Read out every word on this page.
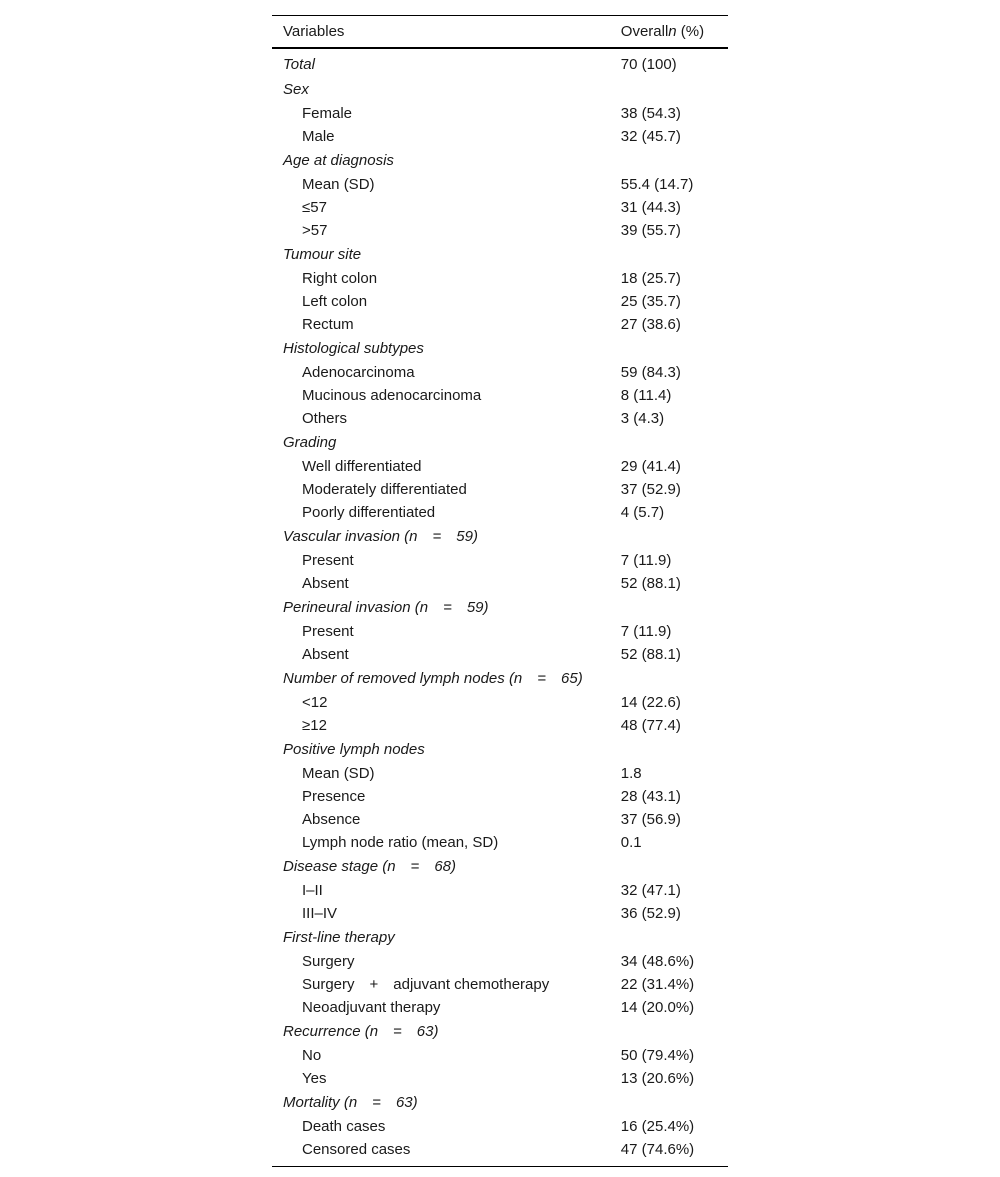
Variables	Overalln (%)
Total	70 (100)
Sex	
Female	38 (54.3)
Male	32 (45.7)
Age at diagnosis	
Mean (SD)	55.4 (14.7)
≤57	31 (44.3)
>57	39 (55.7)
Tumour site	
Right colon	18 (25.7)
Left colon	25 (35.7)
Rectum	27 (38.6)
Histological subtypes	
Adenocarcinoma	59 (84.3)
Mucinous adenocarcinoma	8 (11.4)
Others	3 (4.3)
Grading	
Well differentiated	29 (41.4)
Moderately differentiated	37 (52.9)
Poorly differentiated	4 (5.7)
Vascular invasion (n  =  59)	
Present	7 (11.9)
Absent	52 (88.1)
Perineural invasion (n  =  59)	
Present	7 (11.9)
Absent	52 (88.1)
Number of removed lymph nodes (n  =  65)	
˂12	14 (22.6)
≥12	48 (77.4)
Positive lymph nodes	
Mean (SD)	1.8
Presence	28 (43.1)
Absence	37 (56.9)
Lymph node ratio (mean, SD)	0.1
Disease stage (n  =  68)	
I–II	32 (47.1)
III–IV	36 (52.9)
First-line therapy	
Surgery	34 (48.6%)
Surgery  +  adjuvant chemotherapy	22 (31.4%)
Neoadjuvant therapy	14 (20.0%)
Recurrence (n  =  63)	
No	50 (79.4%)
Yes	13 (20.6%)
Mortality (n  =  63)	
Death cases	16 (25.4%)
Censored cases	47 (74.6%)
